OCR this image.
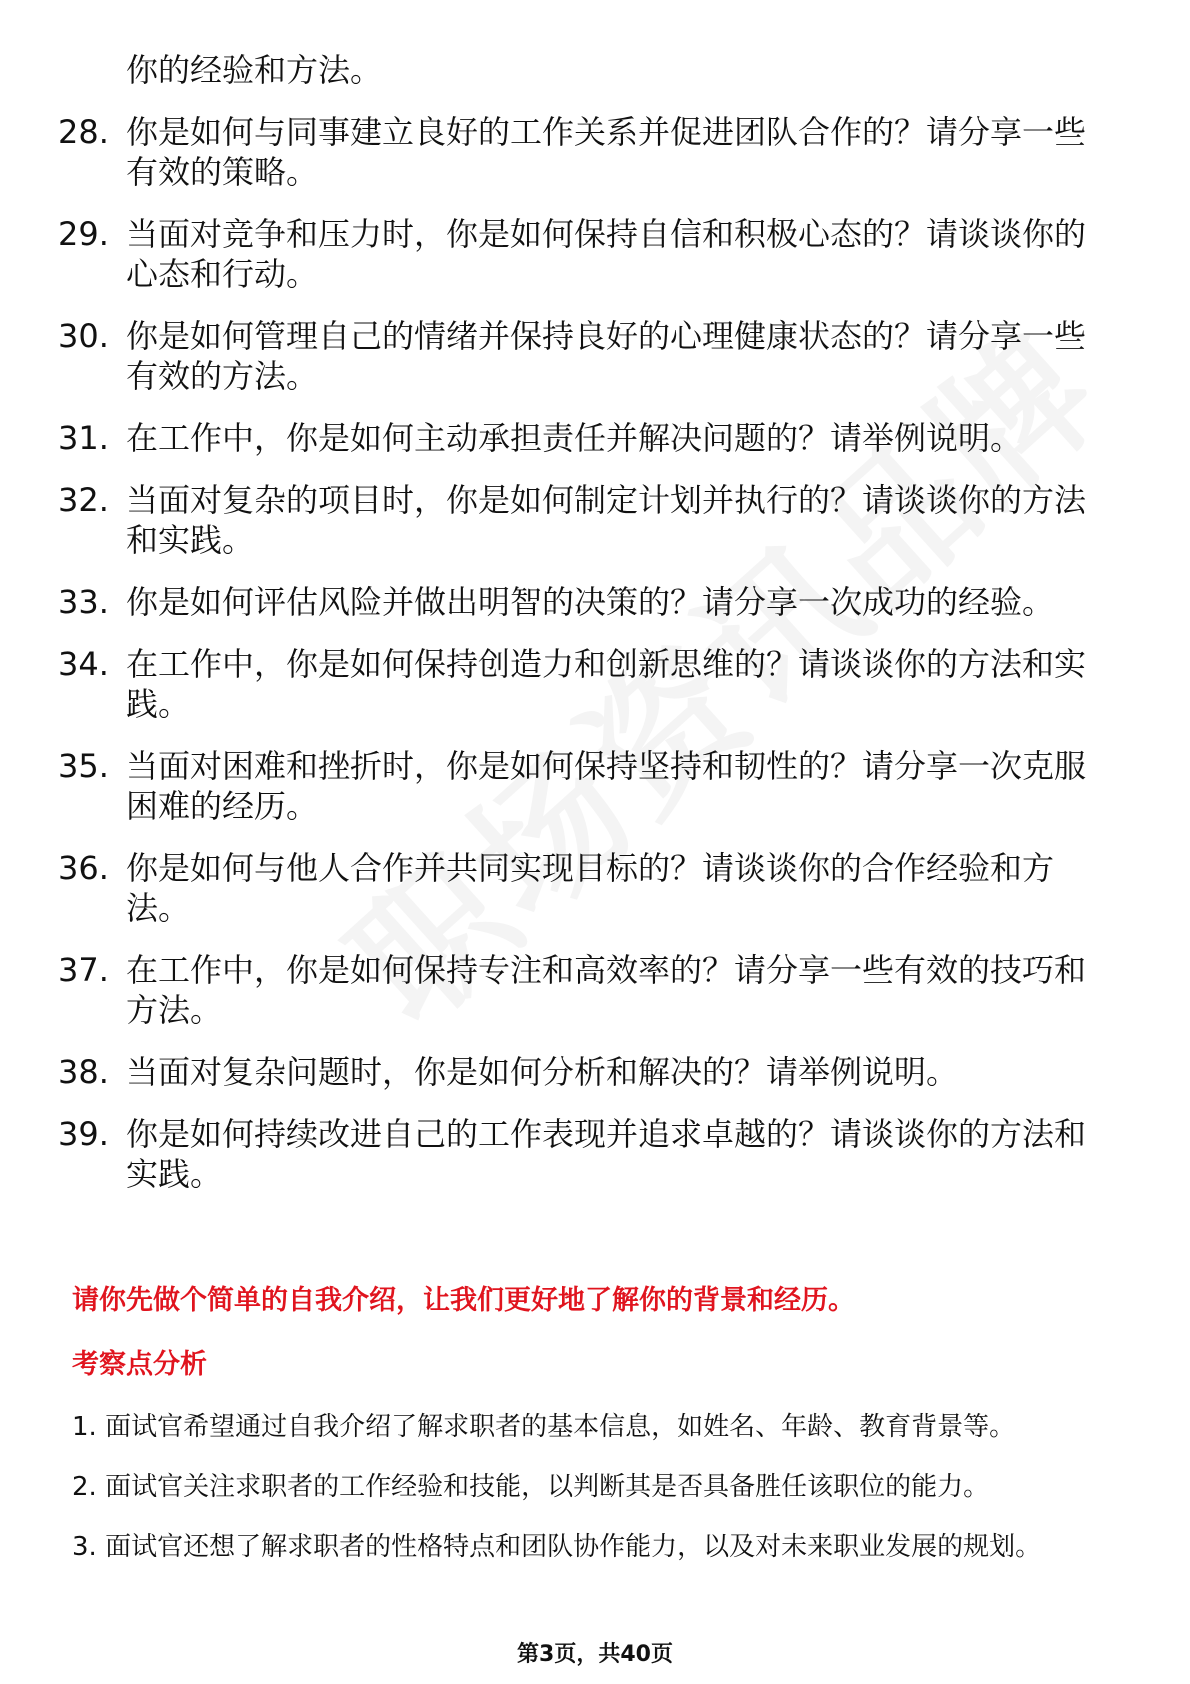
你的经验和方法。
28. 你是如何与同事建立良好的工作关系并促进团队合作的？请分享一些有效的策略。
29. 当面对竞争和压力时，你是如何保持自信和积极心态的？请谈谈你的心态和行动。
30. 你是如何管理自己的情绪并保持良好的心理健康状态的？请分享一些有效的方法。
31. 在工作中，你是如何主动承担责任并解决问题的？请举例说明。
32. 当面对复杂的项目时，你是如何制定计划并执行的？请谈谈你的方法和实践。
33. 你是如何评估风险并做出明智的决策的？请分享一次成功的经验。
34. 在工作中，你是如何保持创造力和创新思维的？请谈谈你的方法和实践。
35. 当面对困难和挫折时，你是如何保持坚持和韧性的？请分享一次克服困难的经历。
36. 你是如何与他人合作并共同实现目标的？请谈谈你的合作经验和方法。
37. 在工作中，你是如何保持专注和高效率的？请分享一些有效的技巧和方法。
38. 当面对复杂问题时，你是如何分析和解决的？请举例说明。
39. 你是如何持续改进自己的工作表现并追求卓越的？请谈谈你的方法和实践。
请你先做个简单的自我介绍，让我们更好地了解你的背景和经历。
考察点分析
1. 面试官希望通过自我介绍了解求职者的基本信息，如姓名、年龄、教育背景等。
2. 面试官关注求职者的工作经验和技能，以判断其是否具备胜任该职位的能力。
3. 面试官还想了解求职者的性格特点和团队协作能力，以及对未来职业发展的规划。
第3页，共40页
